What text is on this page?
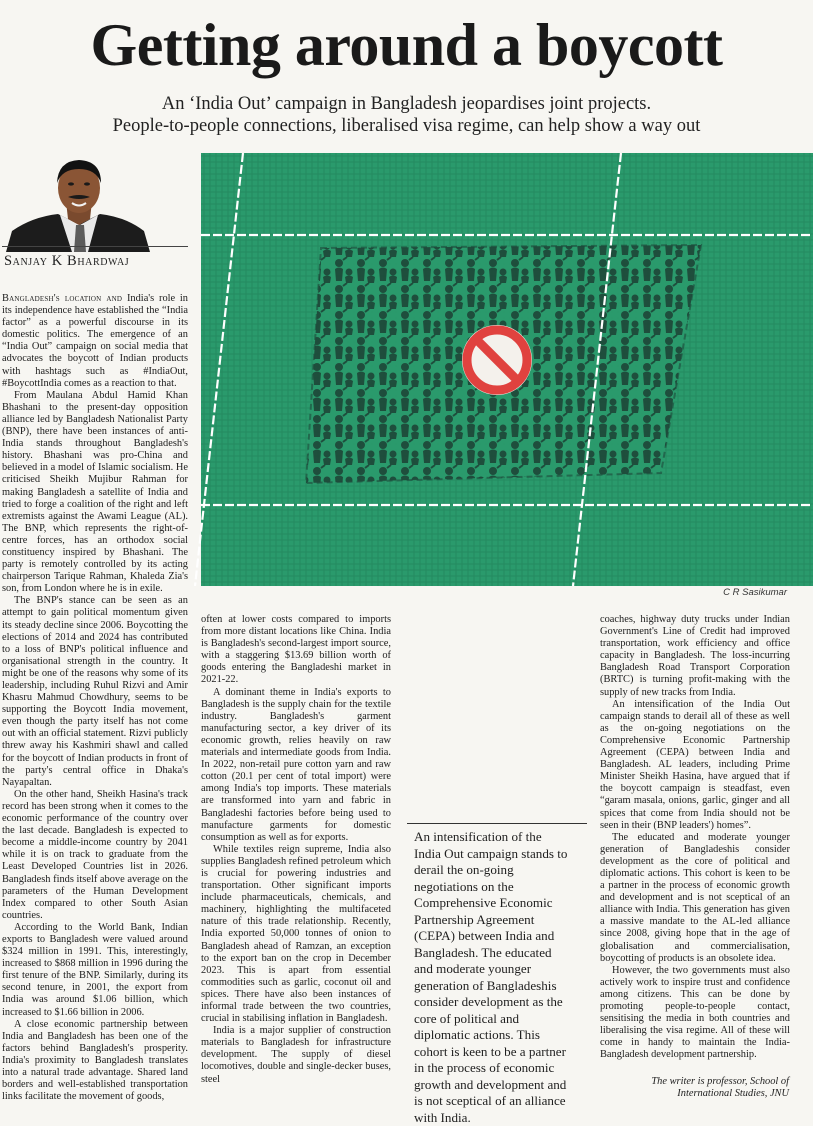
Getting around a boycott
An ‘India Out’ campaign in Bangladesh jeopardises joint projects.
People-to-people connections, liberalised visa regime, can help show a way out
Sanjay K Bhardwaj
C R Sasikumar

Bangladesh's location and India's role in its independence have established the “India factor” as a powerful discourse in its domestic politics. The emergence of an “India Out” campaign on social media that advocates the boycott of Indian products with hashtags such as #IndiaOut, #BoycottIndia comes as a reaction to that.

From Maulana Abdul Hamid Khan Bhashani to the present-day opposition alliance led by Bangladesh Nationalist Party (BNP), there have been instances of anti-India stands throughout Bangladesh's history. Bhashani was pro-China and believed in a model of Islamic socialism. He criticised Sheikh Mujibur Rahman for making Bangladesh a satellite of India and tried to forge a coalition of the right and left extremists against the Awami League (AL). The BNP, which represents the right-of-centre forces, has an orthodox social constituency inspired by Bhashani. The party is remotely controlled by its acting chairperson Tarique Rahman, Khaleda Zia's son, from London where he is in exile.

The BNP's stance can be seen as an attempt to gain political momentum given its steady decline since 2006. Boycotting the elections of 2014 and 2024 has contributed to a loss of BNP's political influence and organisational strength in the country. It might be one of the reasons why some of its leadership, including Ruhul Rizvi and Amir Khasru Mahmud Chowdhury, seems to be supporting the Boycott India movement, even though the party itself has not come out with an official statement. Rizvi publicly threw away his Kashmiri shawl and called for the boycott of Indian products in front of the party's central office in Dhaka's Nayapaltan.

On the other hand, Sheikh Hasina's track record has been strong when it comes to the economic performance of the country over the last decade. Bangladesh is expected to become a middle-income country by 2041 while it is on track to graduate from the Least Developed Countries list in 2026. Bangladesh finds itself above average on the parameters of the Human Development Index compared to other South Asian countries.

According to the World Bank, Indian exports to Bangladesh were valued around $324 million in 1991. This, interestingly, increased to $868 million in 1996 during the first tenure of the BNP. Similarly, during its second tenure, in 2001, the export from India was around $1.06 billion, which increased to $1.66 billion in 2006.

A close economic partnership between India and Bangladesh has been one of the factors behind Bangladesh's prosperity. India's proximity to Bangladesh translates into a natural trade advantage. Shared land borders and well-established transportation links facilitate the movement of goods,

often at lower costs compared to imports from more distant locations like China. India is Bangladesh's second-largest import source, with a staggering $13.69 billion worth of goods entering the Bangladeshi market in 2021-22.

A dominant theme in India's exports to Bangladesh is the supply chain for the textile industry. Bangladesh's garment manufacturing sector, a key driver of its economic growth, relies heavily on raw materials and intermediate goods from India. In 2022, non-retail pure cotton yarn and raw cotton (20.1 per cent of total import) were among India's top imports. These materials are transformed into yarn and fabric in Bangladeshi factories before being used to manufacture garments for domestic consumption as well as for exports.

While textiles reign supreme, India also supplies Bangladesh refined petroleum which is crucial for powering industries and transportation. Other significant imports include pharmaceuticals, chemicals, and machinery, highlighting the multifaceted nature of this trade relationship. Recently, India exported 50,000 tonnes of onion to Bangladesh ahead of Ramzan, an exception to the export ban on the crop in December 2023. This is apart from essential commodities such as garlic, coconut oil and spices. There have also been instances of informal trade between the two countries, crucial in stabilising inflation in Bangladesh.

India is a major supplier of construction materials to Bangladesh for infrastructure development. The supply of diesel locomotives, double and single-decker buses, steel

coaches, highway duty trucks under Indian Government's Line of Credit had improved transportation, work efficiency and office capacity in Bangladesh. The loss-incurring Bangladesh Road Transport Corporation (BRTC) is turning profit-making with the supply of new tracks from India.

An intensification of the India Out campaign stands to derail all of these as well as the on-going negotiations on the Comprehensive Economic Partnership Agreement (CEPA) between India and Bangladesh. AL leaders, including Prime Minister Sheikh Hasina, have argued that if the boycott campaign is steadfast, even “garam masala, onions, garlic, ginger and all spices that come from India should not be seen in their (BNP leaders') homes”.

The educated and moderate younger generation of Bangladeshis consider development as the core of political and diplomatic actions. This cohort is keen to be a partner in the process of economic growth and development and is not sceptical of an alliance with India. This generation has given a massive mandate to the AL-led alliance since 2008, giving hope that in the age of globalisation and commercialisation, boycotting of products is an obsolete idea.

However, the two governments must also actively work to inspire trust and confidence among citizens. This can be done by promoting people-to-people contact, sensitising the media in both countries and liberalising the visa regime. All of these will come in handy to maintain the India-Bangladesh development partnership.

An intensification of the
India Out campaign stands to
derail the on-going
negotiations on the
Comprehensive Economic
Partnership Agreement
(CEPA) between India and
Bangladesh. The educated
and moderate younger
generation of Bangladeshis
consider development as the
core of political and
diplomatic actions. This
cohort is keen to be a partner
in the process of economic
growth and development and
is not sceptical of an alliance
with India.
The writer is professor, School of
International Studies, JNU
